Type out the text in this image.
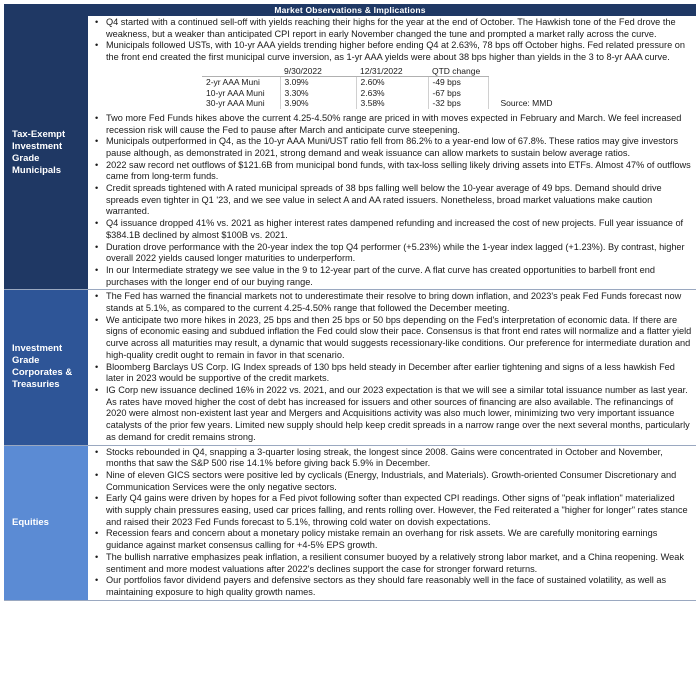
Market Observations & Implications
Tax-Exempt Investment Grade Municipals
• Q4 started with a continued sell-off with yields reaching their highs for the year at the end of October. The Hawkish tone of the Fed drove the weakness, but a weaker than anticipated CPI report in early November changed the tune and prompted a market rally across the curve.
• Municipals followed USTs, with 10-yr AAA yields trending higher before ending Q4 at 2.63%, 78 bps off October highs. Fed related pressure on the front end created the first municipal curve inversion, as 1-yr AAA yields were about 38 bps higher than yields in the 3 to 8-yr AAA curve.
	9/30/2022	12/31/2022	QTD change
2-yr AAA Muni	3.09%	2.60%	-49 bps
10-yr AAA Muni	3.30%	2.63%	-67 bps
30-yr AAA Muni	3.90%	3.58%	-32 bps	Source: MMD
• Two more Fed Funds hikes above the current 4.25-4.50% range are priced in with moves expected in February and March. We feel increased recession risk will cause the Fed to pause after March and anticipate curve steepening.
• Municipals outperformed in Q4, as the 10-yr AAA Muni/UST ratio fell from 86.2% to a year-end low of 67.8%. These ratios may give investors pause although, as demonstrated in 2021, strong demand and weak issuance can allow markets to sustain below average ratios.
• 2022 saw record net outflows of $121.6B from municipal bond funds, with tax-loss selling likely driving assets into ETFs. Almost 47% of outflows came from long-term funds.
• Credit spreads tightened with A rated municipal spreads of 38 bps falling well below the 10-year average of 49 bps. Demand should drive spreads even tighter in Q1 '23, and we see value in select A and AA rated issuers. Nonetheless, broad market valuations make caution warranted.
• Q4 issuance dropped 41% vs. 2021 as higher interest rates dampened refunding and increased the cost of new projects. Full year issuance of $384.1B declined by almost $100B vs. 2021.
• Duration drove performance with the 20-year index the top Q4 performer (+5.23%) while the 1-year index lagged (+1.23%). By contrast, higher overall 2022 yields caused longer maturities to underperform.
• In our Intermediate strategy we see value in the 9 to 12-year part of the curve. A flat curve has created opportunities to barbell front end purchases with the longer end of our buying range.
Investment Grade Corporates & Treasuries
• The Fed has warned the financial markets not to underestimate their resolve to bring down inflation, and 2023's peak Fed Funds forecast now stands at 5.1%, as compared to the current 4.25-4.50% range that followed the December meeting.
• We anticipate two more hikes in 2023, 25 bps and then 25 bps or 50 bps depending on the Fed's interpretation of economic data. If there are signs of economic easing and subdued inflation the Fed could slow their pace. Consensus is that front end rates will normalize and a flatter yield curve across all maturities may result, a dynamic that would suggests recessionary-like conditions. Our preference for intermediate duration and high-quality credit ought to remain in favor in that scenario.
• Bloomberg Barclays US Corp. IG Index spreads of 130 bps held steady in December after earlier tightening and signs of a less hawkish Fed later in 2023 would be supportive of the credit markets.
• IG Corp new issuance declined 16% in 2022 vs. 2021, and our 2023 expectation is that we will see a similar total issuance number as last year. As rates have moved higher the cost of debt has increased for issuers and other sources of financing are also available. The refinancings of 2020 were almost non-existent last year and Mergers and Acquisitions activity was also much lower, minimizing two very important issuance catalysts of the prior few years. Limited new supply should help keep credit spreads in a narrow range over the next several months, particularly as demand for credit remains strong.
Equities
• Stocks rebounded in Q4, snapping a 3-quarter losing streak, the longest since 2008. Gains were concentrated in October and November, months that saw the S&P 500 rise 14.1% before giving back 5.9% in December.
• Nine of eleven GICS sectors were positive led by cyclicals (Energy, Industrials, and Materials). Growth-oriented Consumer Discretionary and Communication Services were the only negative sectors.
• Early Q4 gains were driven by hopes for a Fed pivot following softer than expected CPI readings. Other signs of "peak inflation" materialized with supply chain pressures easing, used car prices falling, and rents rolling over. However, the Fed reiterated a "higher for longer" rates stance and raised their 2023 Fed Funds forecast to 5.1%, throwing cold water on dovish expectations.
• Recession fears and concern about a monetary policy mistake remain an overhang for risk assets. We are carefully monitoring earnings guidance against market consensus calling for +4-5% EPS growth.
• The bullish narrative emphasizes peak inflation, a resilient consumer buoyed by a relatively strong labor market, and a China reopening. Weak sentiment and more modest valuations after 2022's declines support the case for stronger forward returns.
• Our portfolios favor dividend payers and defensive sectors as they should fare reasonably well in the face of sustained volatility, as well as maintaining exposure to high quality growth names.
